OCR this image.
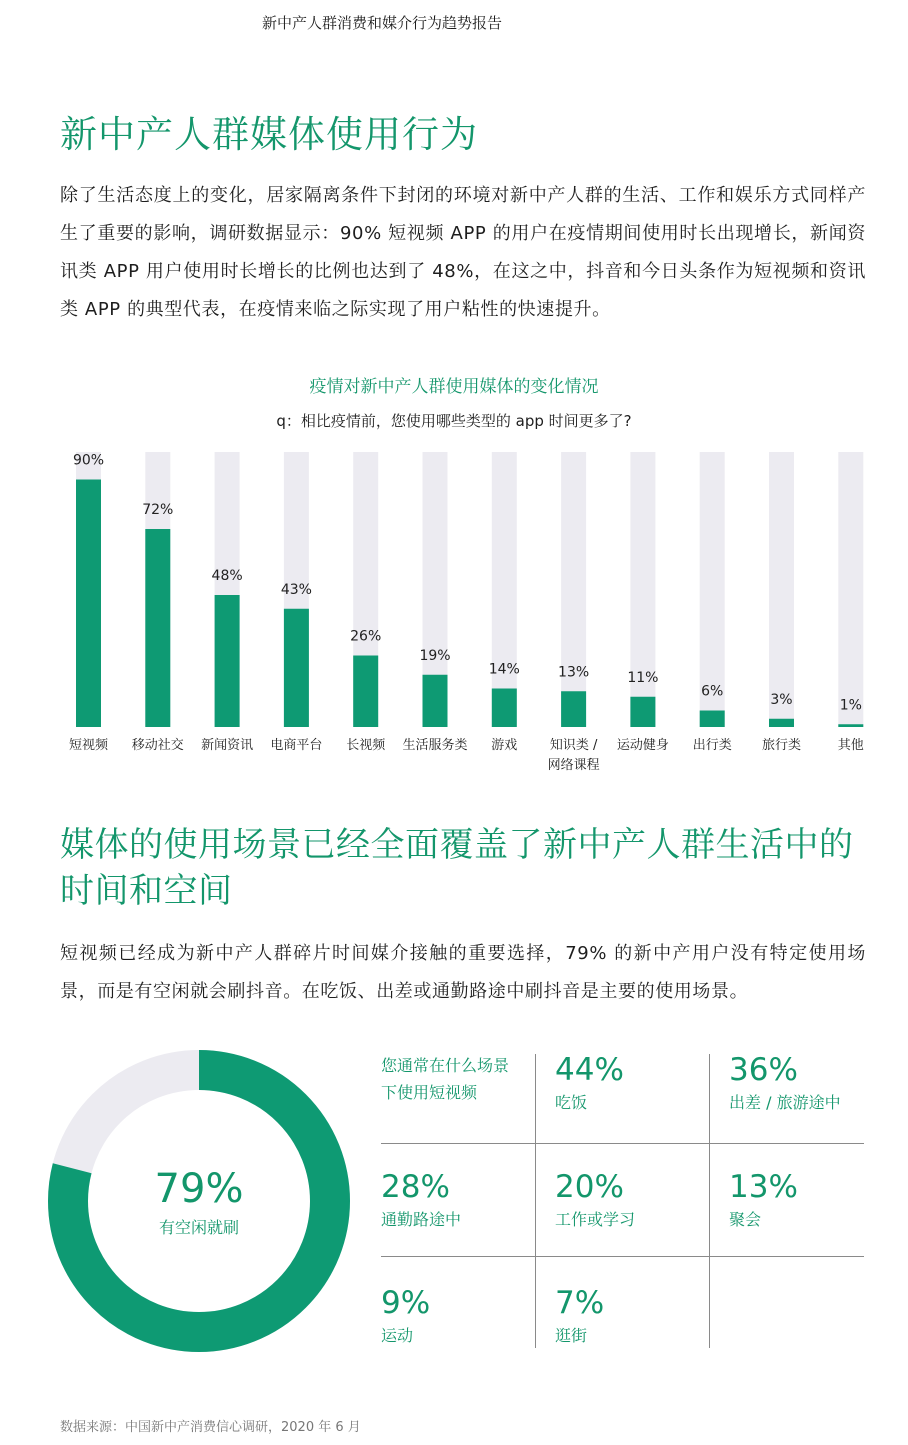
新中产人群消费和媒介行为趋势报告
新中产人群媒体使用行为
除了生活态度上的变化，居家隔离条件下封闭的环境对新中产人群的生活、工作和娱乐方式同样产生了重要的影响，调研数据显示：90% 短视频 APP 的用户在疫情期间使用时长出现增长，新闻资讯类 APP 用户使用时长增长的比例也达到了 48%，在这之中，抖音和今日头条作为短视频和资讯类 APP 的典型代表，在疫情来临之际实现了用户粘性的快速提升。
疫情对新中产人群使用媒体的变化情况
q：相比疫情前，您使用哪些类型的 app 时间更多了?
90%
短视频
72%
移动社交
48%
新闻资讯
43%
电商平台
26%
长视频
19%
生活服务类
14%
游戏
13%
知识类 /网络课程
11%
运动健身
6%
出行类
3%
旅行类
1%
其他
媒体的使用场景已经全面覆盖了新中产人群生活中的时间和空间
短视频已经成为新中产人群碎片时间媒介接触的重要选择，79% 的新中产用户没有特定使用场景，而是有空闲就会刷抖音。在吃饭、出差或通勤路途中刷抖音是主要的使用场景。
79%
有空闲就刷
您通常在什么场景下使用短视频
44%
吃饭
36%
出差 / 旅游途中
28%
通勤路途中
20%
工作或学习
13%
聚会
9%
运动
7%
逛街
数据来源：中国新中产消费信心调研，2020 年 6 月
